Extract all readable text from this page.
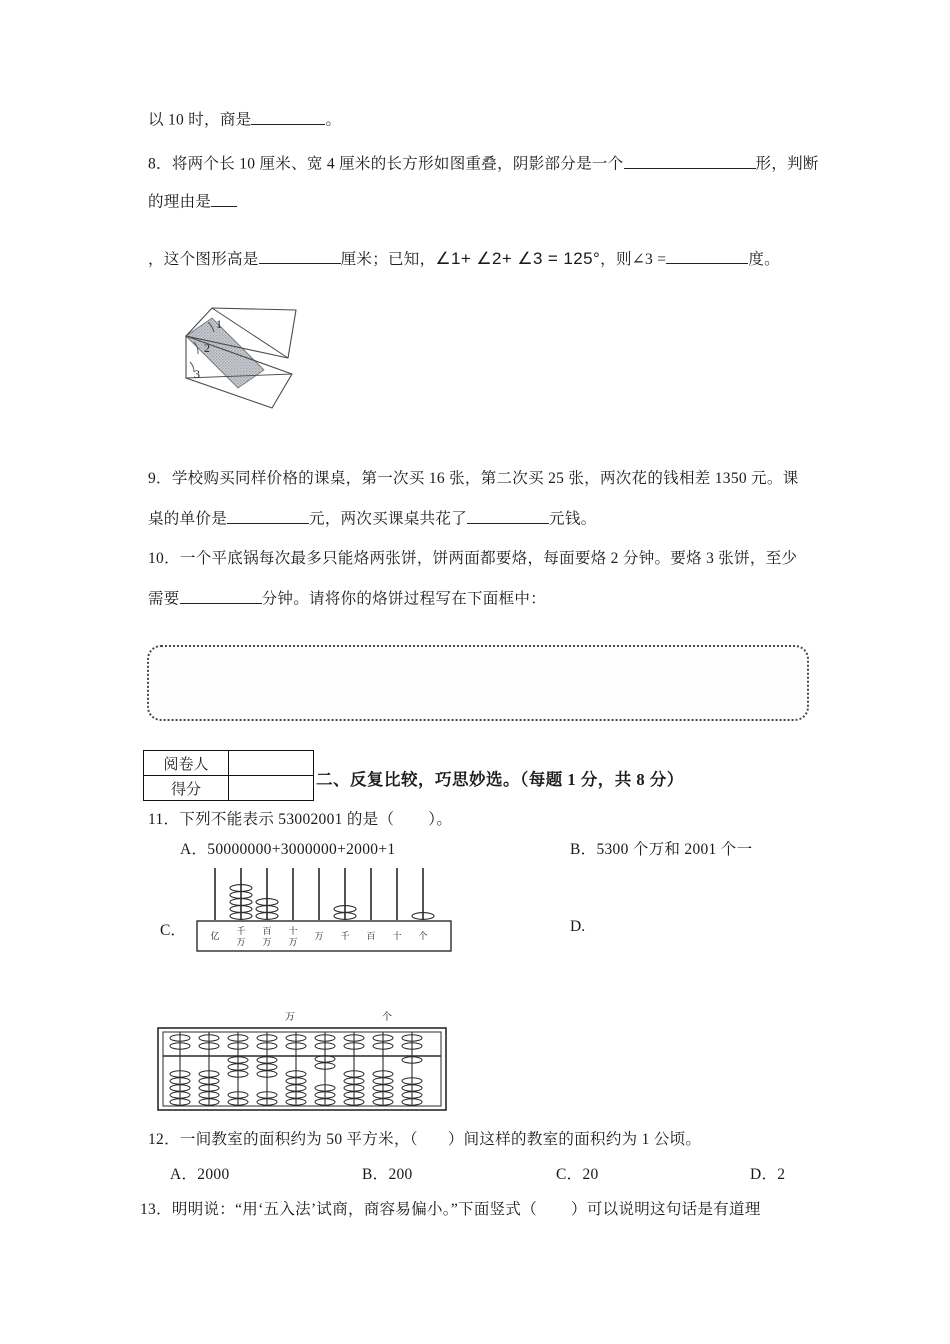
以 10 时，商是	。
8．将两个长 10 厘米、宽 4 厘米的长方形如图重叠，阴影部分是一个	形，判断
的理由是
，这个图形高是	厘米；已知，∠1+ ∠2+ ∠3 = 125°，则∠3 =	度。
1
2
3
9．学校购买同样价格的课桌，第一次买 16 张，第二次买 25 张，两次花的钱相差 1350 元。课
桌的单价是	元，两次买课桌共花了	元钱。
10．一个平底锅每次最多只能烙两张饼，饼两面都要烙，每面要烙 2 分钟。要烙 3 张饼，至少
需要	分钟。请将你的烙饼过程写在下面框中：
阅卷人	
得分	
二、反复比较，巧思妙选。（每题 1 分，共 8 分）
11．下列不能表示 53002001 的是（ ）。
A．50000000+3000000+2000+1	B．5300 个万和 2001 个一
C．	D.
亿 千
万
百
万
十
万
万 千 百 十 个
万	个
12．一间教室的面积约为 50 平方米，（ ）间这样的教室的面积约为 1 公顷。
A．2000	B．200	C．20	D．2
13．明明说：“用‘五入法’试商，商容易偏小。”下面竖式（ ）可以说明这句话是有道理
